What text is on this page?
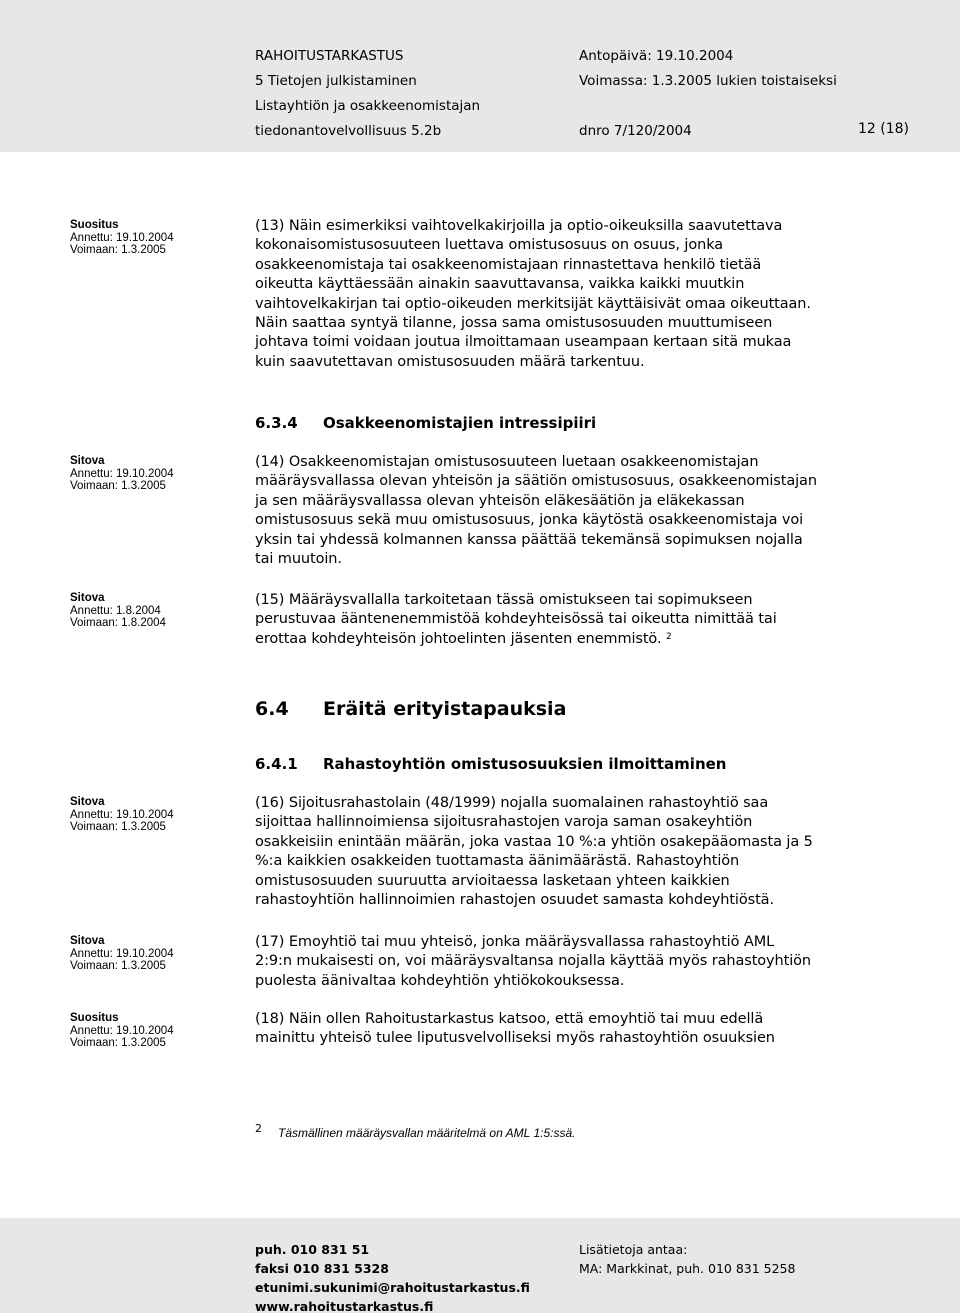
RAHOITUSTARKASTUS
5 Tietojen julkistaminen
Listayhtiön ja osakkeenomistajan
tiedonantovelvollisuus 5.2b
Antopäivä: 19.10.2004
Voimassa: 1.3.2005 lukien toistaiseksi
dnro 7/120/2004	12 (18)
Suositus
Annettu: 19.10.2004
Voimaan: 1.3.2005
Sitova
Annettu: 19.10.2004
Voimaan: 1.3.2005
Sitova
Annettu: 1.8.2004
Voimaan: 1.8.2004
Sitova
Annettu: 19.10.2004
Voimaan: 1.3.2005
Sitova
Annettu: 19.10.2004
Voimaan: 1.3.2005
Suositus
Annettu: 19.10.2004
Voimaan: 1.3.2005
(13) Näin esimerkiksi vaihtovelkakirjoilla ja optio-oikeuksilla saavutettava
kokonaisomistusosuuteen luettava omistusosuus on osuus, jonka
osakkeenomistaja tai osakkeenomistajaan rinnastettava henkilö tietää
oikeutta käyttäessään ainakin saavuttavansa, vaikka kaikki muutkin
vaihtovelkakirjan tai optio-oikeuden merkitsijät käyttäisivät omaa oikeuttaan.
Näin saattaa syntyä tilanne, jossa sama omistusosuuden muuttumiseen
johtava toimi voidaan joutua ilmoittamaan useampaan kertaan sitä mukaa
kuin saavutettavan omistusosuuden määrä tarkentuu.
6.3.4 Osakkeenomistajien intressipiiri
(14) Osakkeenomistajan omistusosuuteen luetaan osakkeenomistajan
määräysvallassa olevan yhteisön ja säätiön omistusosuus, osakkeenomistajan
ja sen määräysvallassa olevan yhteisön eläkesäätiön ja eläkekassan
omistusosuus sekä muu omistusosuus, jonka käytöstä osakkeenomistaja voi
yksin tai yhdessä kolmannen kanssa päättää tekemänsä sopimuksen nojalla
tai muutoin.
(15) Määräysvallalla tarkoitetaan tässä omistukseen tai sopimukseen
perustuvaa ääntenenemmistöä kohdeyhteisössä tai oikeutta nimittää tai
erottaa kohdeyhteisön johtoelinten jäsenten enemmistö. $^2$
6.4 Eräitä erityistapauksia
6.4.1 Rahastoyhtiön omistusosuuksien ilmoittaminen
(16) Sijoitusrahastolain (48/1999) nojalla suomalainen rahastoyhtiö saa
sijoittaa hallinnoimiensa sijoitusrahastojen varoja saman osakeyhtiön
osakkeisiin enintään määrän, joka vastaa 10 %:a yhtiön osakepääomasta ja 5
%:a kaikkien osakkeiden tuottamasta äänimäärästä. Rahastoyhtiön
omistusosuuden suuruutta arvioitaessa lasketaan yhteen kaikkien
rahastoyhtiön hallinnoimien rahastojen osuudet samasta kohdeyhtiöstä.
(17) Emoyhtiö tai muu yhteisö, jonka määräysvallassa rahastoyhtiö AML
2:9:n mukaisesti on, voi määräysvaltansa nojalla käyttää myös rahastoyhtiön
puolesta äänivaltaa kohdeyhtiön yhtiökokouksessa.
(18) Näin ollen Rahoitustarkastus katsoo, että emoyhtiö tai muu edellä
mainittu yhteisö tulee liputusvelvolliseksi myös rahastoyhtiön osuuksien
2 Täsmällinen määräysvallan määritelmä on AML 1:5:ssä.
puh. 010 831 51
faksi 010 831 5328
etunimi.sukunimi@rahoitustarkastus.fi
www.rahoitustarkastus.fi
Lisätietoja antaa:
MA: Markkinat, puh. 010 831 5258
